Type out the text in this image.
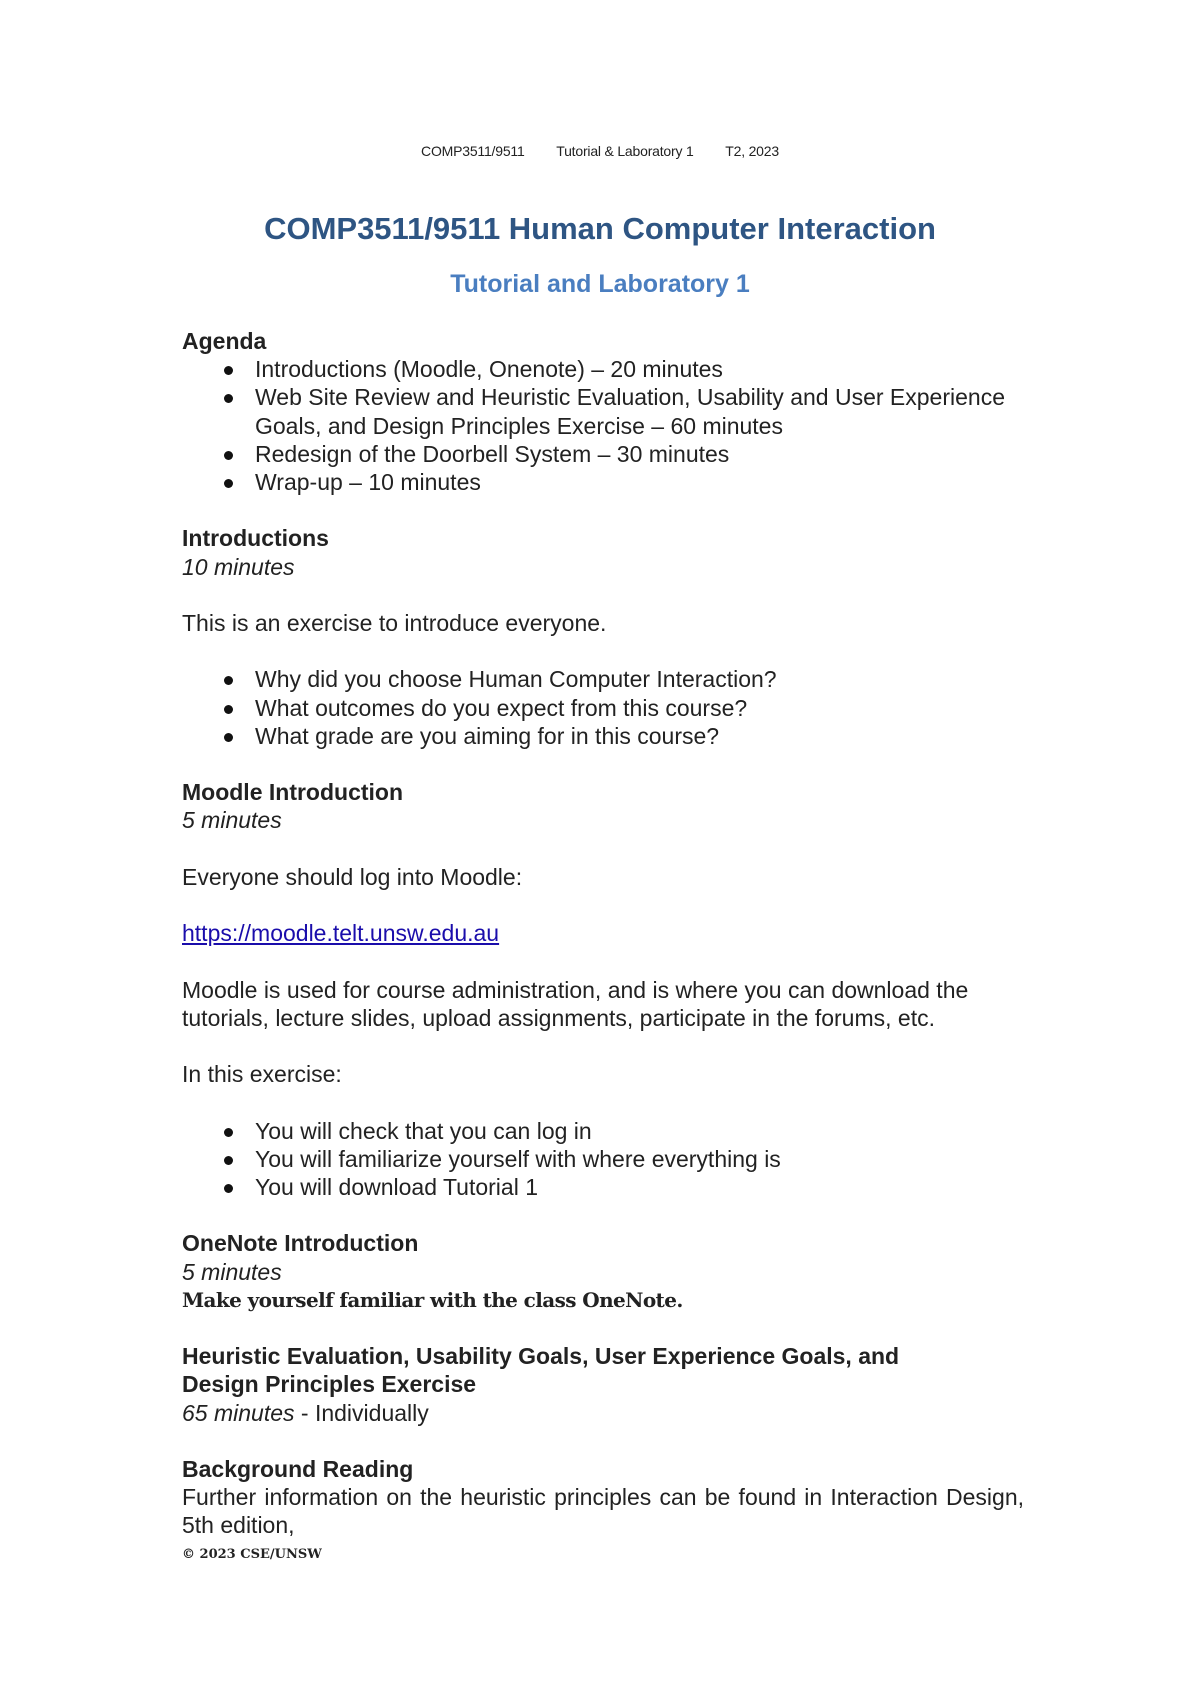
COMP3511/9511 Tutorial & Laboratory 1 T2, 2023
COMP3511/9511 Human Computer Interaction
Tutorial and Laboratory 1

Agenda

Introductions (Moodle, Onenote) – 20 minutes
Web Site Review and Heuristic Evaluation, Usability and User Experience Goals, and Design Principles Exercise – 60 minutes
Redesign of the Doorbell System – 30 minutes
Wrap-up – 10 minutes

Introductions

10 minutes

This is an exercise to introduce everyone.

Why did you choose Human Computer Interaction?
What outcomes do you expect from this course?
What grade are you aiming for in this course?

Moodle Introduction

5 minutes

Everyone should log into Moodle:

https://moodle.telt.unsw.edu.au

Moodle is used for course administration, and is where you can download the tutorials, lecture slides, upload assignments, participate in the forums, etc.

In this exercise:

You will check that you can log in
You will familiarize yourself with where everything is
You will download Tutorial 1

OneNote Introduction

5 minutes

Make yourself familiar with the class OneNote.

Heuristic Evaluation, Usability Goals, User Experience Goals, and Design Principles Exercise

65 minutes - Individually

Background Reading

Further information on the heuristic principles can be found in Interaction Design, 5th edition,

© 2023 CSE/UNSW
